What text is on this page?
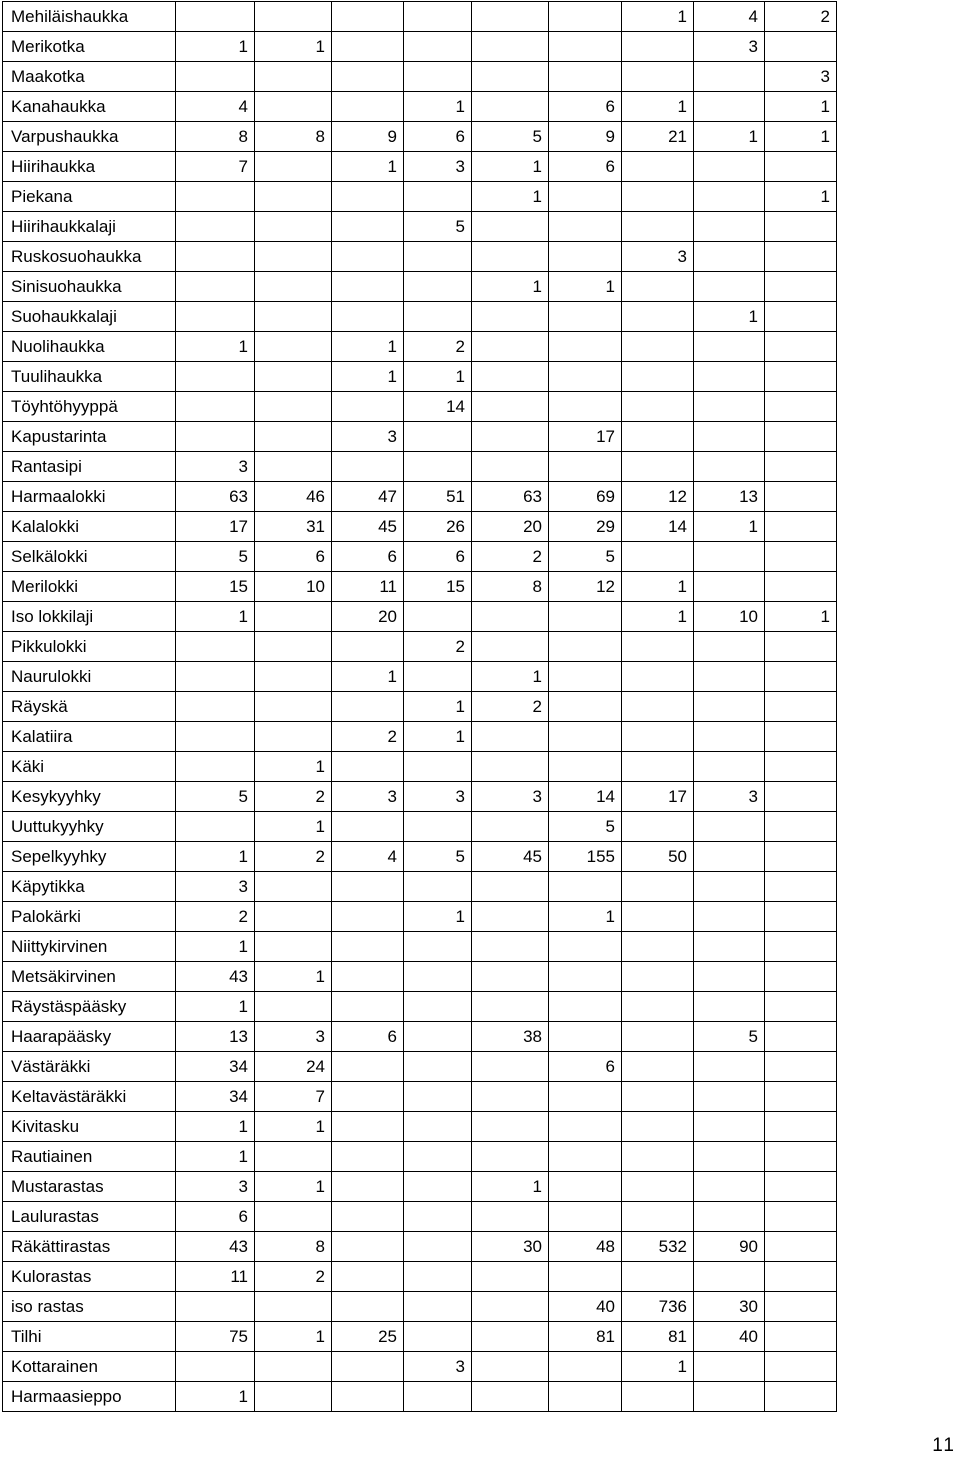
Mehiläishaukka							1	4	2
Merikotka	1	1						3	
Maakotka									3
Kanahaukka	4			1		6	1		1
Varpushaukka	8	8	9	6	5	9	21	1	1
Hiirihaukka	7		1	3	1	6			
Piekana					1				1
Hiirihaukkalaji				5					
Ruskosuohaukka							3		
Sinisuohaukka					1	1			
Suohaukkalaji								1	
Nuolihaukka	1		1	2					
Tuulihaukka			1	1					
Töyhtöhyyppä				14					
Kapustarinta			3			17			
Rantasipi	3								
Harmaalokki	63	46	47	51	63	69	12	13	
Kalalokki	17	31	45	26	20	29	14	1	
Selkälokki	5	6	6	6	2	5			
Merilokki	15	10	11	15	8	12	1		
Iso lokkilaji	1		20				1	10	1
Pikkulokki				2					
Naurulokki			1		1				
Räyskä				1	2				
Kalatiira			2	1					
Käki		1							
Kesykyyhky	5	2	3	3	3	14	17	3	
Uuttukyyhky		1				5			
Sepelkyyhky	1	2	4	5	45	155	50		
Käpytikka	3								
Palokärki	2			1		1			
Niittykirvinen	1								
Metsäkirvinen	43	1							
Räystäspääsky	1								
Haarapääsky	13	3	6		38			5	
Västäräkki	34	24				6			
Keltavästäräkki	34	7							
Kivitasku	1	1							
Rautiainen	1								
Mustarastas	3	1			1				
Laulurastas	6								
Räkättirastas	43	8			30	48	532	90	
Kulorastas	11	2							
iso rastas						40	736	30	
Tilhi	75	1	25			81	81	40	
Kottarainen				3			1		
Harmaasieppo	1								
11
